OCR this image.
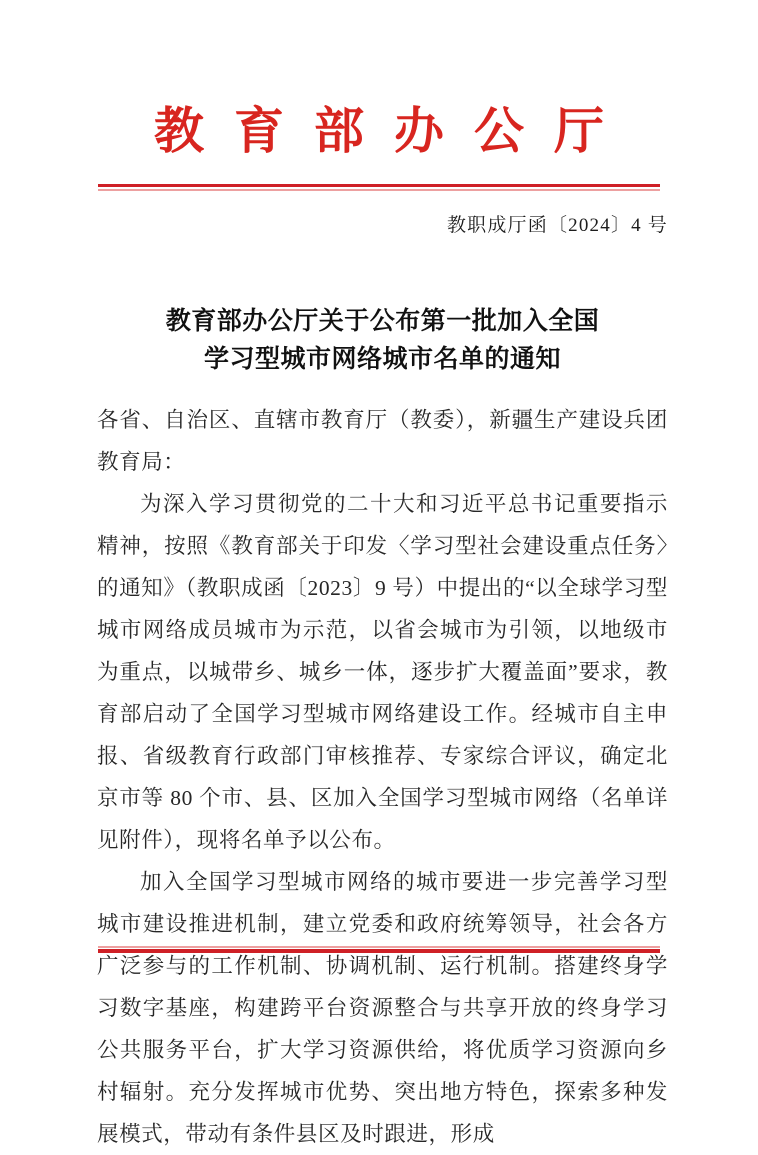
教育部办公厅
教职成厅函〔2024〕4 号
教育部办公厅关于公布第一批加入全国
学习型城市网络城市名单的通知

各省、自治区、直辖市教育厅（教委），新疆生产建设兵团教育局：

为深入学习贯彻党的二十大和习近平总书记重要指示精神，按照《教育部关于印发〈学习型社会建设重点任务〉的通知》（教职成函〔2023〕9 号）中提出的“以全球学习型城市网络成员城市为示范，以省会城市为引领，以地级市为重点，以城带乡、城乡一体，逐步扩大覆盖面”要求，教育部启动了全国学习型城市网络建设工作。经城市自主申报、省级教育行政部门审核推荐、专家综合评议，确定北京市等 80 个市、县、区加入全国学习型城市网络（名单详见附件），现将名单予以公布。

加入全国学习型城市网络的城市要进一步完善学习型城市建设推进机制，建立党委和政府统筹领导，社会各方广泛参与的工作机制、协调机制、运行机制。搭建终身学习数字基座，构建跨平台资源整合与共享开放的终身学习公共服务平台，扩大学习资源供给，将优质学习资源向乡村辐射。充分发挥城市优势、突出地方特色，探索多种发展模式，带动有条件县区及时跟进，形成
